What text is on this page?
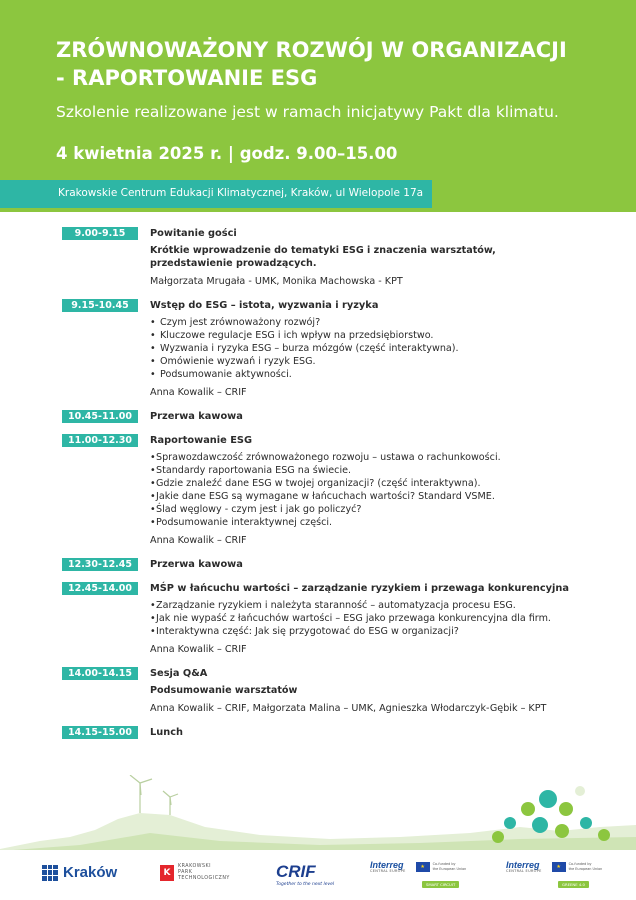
ZRÓWNOWAŻONY ROZWÓJ W ORGANIZACJI
- RAPORTOWANIE ESG
Szkolenie realizowane jest w ramach inicjatywy Pakt dla klimatu.
4 kwietnia 2025 r. | godz. 9.00–15.00
Krakowskie Centrum Edukacji Klimatycznej, Kraków, ul Wielopole 17a
9.00-9.15	Powitanie gości
Krótkie wprowadzenie do tematyki ESG i znaczenia warsztatów,
przedstawienie prowadzących.
Małgorzata Mrugała - UMK, Monika Machowska - KPT
9.15-10.45	Wstęp do ESG – istota, wyzwania i ryzyka
• Czym jest zrównoważony rozwój?
• Kluczowe regulacje ESG i ich wpływ na przedsiębiorstwo.
• Wyzwania i ryzyka ESG – burza mózgów (część interaktywna).
• Omówienie wyzwań i ryzyk ESG.
• Podsumowanie aktywności.
Anna Kowalik – CRIF
10.45-11.00	Przerwa kawowa
11.00-12.30	Raportowanie ESG
• Sprawozdawczość zrównoważonego rozwoju – ustawa o rachunkowości.
• Standardy raportowania ESG na świecie.
• Gdzie znaleźć dane ESG w twojej organizacji? (część interaktywna).
• Jakie dane ESG są wymagane w łańcuchach wartości? Standard VSME.
• Ślad węglowy - czym jest i jak go policzyć?
• Podsumowanie interaktywnej części.
Anna Kowalik – CRIF
12.30-12.45	Przerwa kawowa
12.45-14.00	MŚP w łańcuchu wartości – zarządzanie ryzykiem i przewaga konkurencyjna
• Zarządzanie ryzykiem i należyta staranność – automatyzacja procesu ESG.
• Jak nie wypaść z łańcuchów wartości – ESG jako przewaga konkurencyjna dla firm.
• Interaktywna część: Jak się przygotować do ESG w organizacji?
Anna Kowalik – CRIF
14.00-14.15	Sesja Q&A
Podsumowanie warsztatów
Anna Kowalik – CRIF, Małgorzata Malina – UMK, Agnieszka Włodarczyk-Gębik – KPT
14.15-15.00	Lunch
Kraków	K
KRAKOWSKI
PARK
TECHNOLOGICZNY	CRIF
Together to the next level
Interreg
CENTRAL EUROPE
★	Co-funded by
the European Union
SMART CIRCUIT
Interreg
CENTRAL EUROPE
★	Co-funded by
the European Union
GREENE 4.0
